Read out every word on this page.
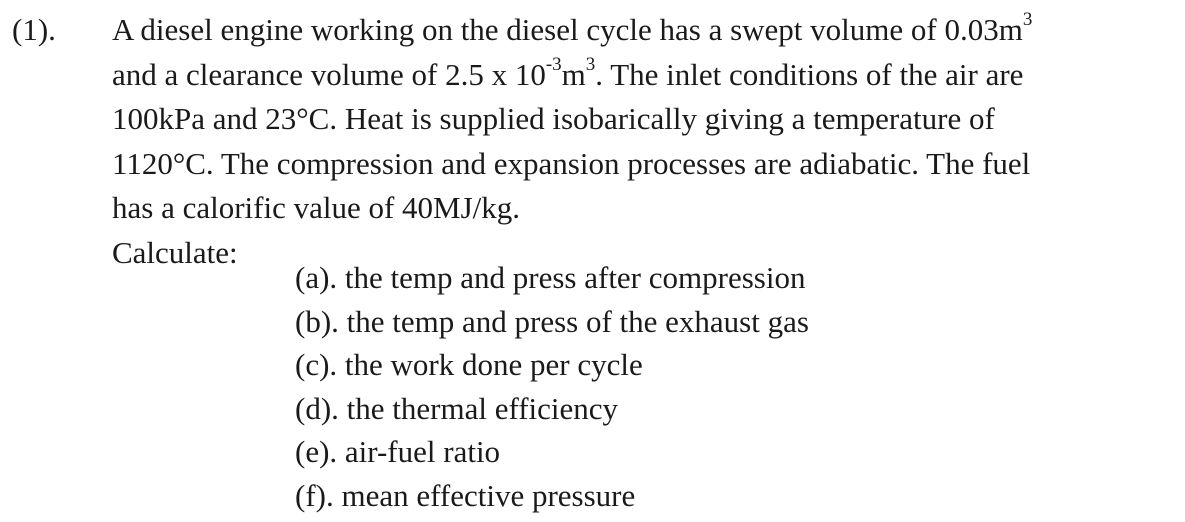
(1). A diesel engine working on the diesel cycle has a swept volume of $0.03m^3$
and a clearance volume of 2.5 x $10^{-3}m^3$. The inlet conditions of the air are
100kPa and 23°C. Heat is supplied isobarically giving a temperature of
1120°C. The compression and expansion processes are adiabatic. The fuel
has a calorific value of 40MJ/kg.
Calculate:
(a). the temp and press after compression
(b). the temp and press of the exhaust gas
(c). the work done per cycle
(d). the thermal efficiency
(e). air-fuel ratio
(f). mean effective pressure
